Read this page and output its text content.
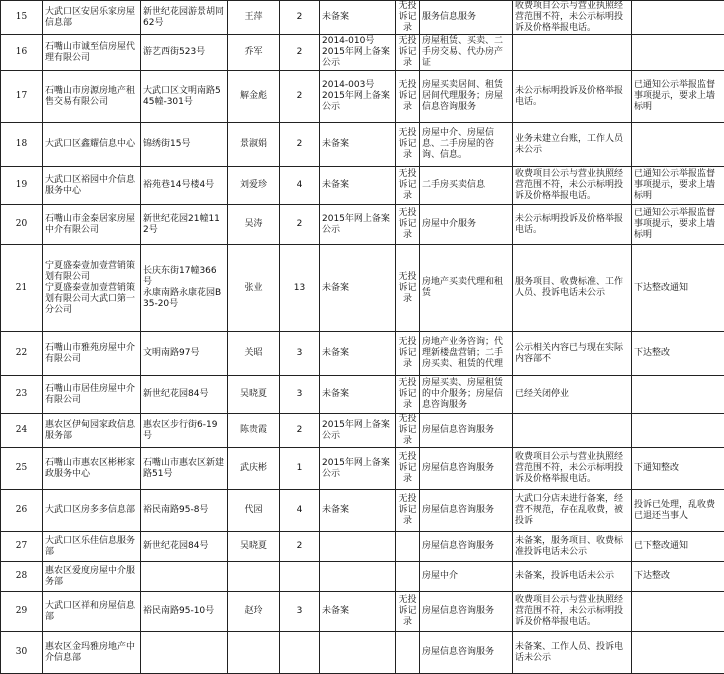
15	大武口区安居乐家房屋信息部	新世纪花园游景胡同62号	王萍	2	未备案	无投诉记录	服务信息服务	收费项目公示与营业执照经营范围不符，未公示标明投诉及价格举报电话。	

16	石嘴山市诚至信房屋代理有限公司	游艺西街523号	乔军	2	2014-010号
2015年网上备案公示	无投诉记录	房屋租赁、买卖、二手房交易、代办房产证		

17	石嘴山市房源房地产租售交易有限公司	大武口区文明南路545幢-301号	解金彪	2	2014-003号
2015年网上备案公示	无投诉记录	房屋买卖居间、租赁居间代理服务；房屋信息咨询服务	未公示标明投诉及价格举报电话。	已通知公示举报监督事项提示，要求上墙标明

18	大武口区鑫耀信息中心	锦绣街15号	景淑娟	2	未备案	无投诉记录	房屋中介、房屋信息、二手房屋的咨询、信息。	业务未建立台账，工作人员未公示	

19	大武口区裕园中介信息服务中心	裕苑巷14号楼4号	刘爱珍	4	未备案	无投诉记录	二手房买卖信息	收费项目公示与营业执照经营范围不符，未公示标明投诉及价格举报电话。	已通知公示举报监督事项提示，要求上墙标明

20	石嘴山市金泰居家房屋中介有限公司	新世纪花园21幢112号	吴涛	2	2015年网上备案公示	无投诉记录	房屋中介服务	未公示标明投诉及价格举报电话。	已通知公示举报监督事项提示，要求上墙标明

21	宁夏盛泰壹加壹营销策划有限公司
宁夏盛泰壹加壹营销策划有限公司大武口第一分公司	长庆东街17幢366号
永康南路永康花园B35-20号	张业	13	未备案	无投诉记录	房地产买卖代理和租赁	服务项目、收费标准、工作人员、投诉电话未公示	下达整改通知

22	石嘴山市雅苑房屋中介有限公司	文明南路97号	关昭	3	未备案	无投诉记录	房地产业务咨询；代理新楼盘营销；二手房买卖、租赁的代理	公示相关内容已与现在实际内容部不	下达整改

23	石嘴山市居佳房屋中介有限公司	新世纪花园84号	吴晓夏	3	未备案	无投诉记录	房屋买卖、房屋租赁的中介服务；房屋信息咨询服务	已经关闭停业	

24	惠农区伊甸园家政信息服务部	惠农区步行街6-19号	陈贵霞	2	2015年网上备案公示	无投诉记录	房屋信息咨询服务		

25	石嘴山市惠农区彬彬家政服务中心	石嘴山市惠农区新建路51号	武庆彬	1	2015年网上备案公示	无投诉记录	房屋信息咨询服务	收费项目公示与营业执照经营范围不符，未公示标明投诉及价格举报电话。	下通知整改

26	大武口区房多多信息部	裕民南路95-8号	代园	4	未备案	无投诉记录	房屋信息咨询服务	大武口分店未进行备案，经营不规范，存在乱收费，被投诉	投诉已处理，乱收费已退还当事人

27	大武口区乐佳信息服务部	新世纪花园84号	吴晓夏	2			房屋信息咨询服务	未备案，服务项目、收费标准投诉电话未公示	已下整改通知

28	惠农区爱度房屋中介服务部						房屋中介	未备案，投诉电话未公示	下达整改

29	大武口区祥和房屋信息部	裕民南路95-10号	赵玲	3	未备案	无投诉记录	房屋信息咨询服务	收费项目公示与营业执照经营范围不符，未公示标明投诉及价格举报电话。	

30	惠农区金玛雅房地产中介信息部						房屋信息咨询服务	未备案、工作人员、投诉电话未公示	
